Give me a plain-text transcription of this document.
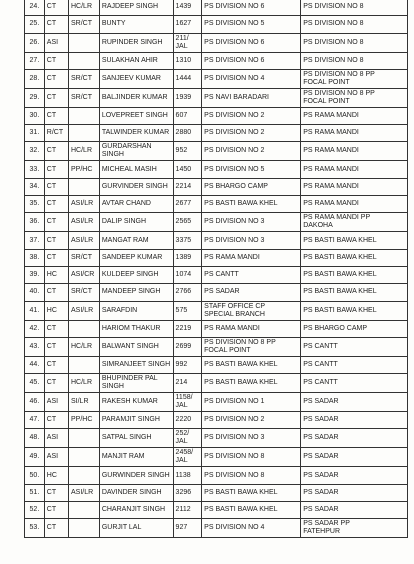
24.	CT	HC/LR	RAJDEEP SINGH	1439	PS DIVISION NO 6	PS DIVISION NO 8
25.	CT	SR/CT	BUNTY	1627	PS DIVISION NO 5	PS DIVISION NO 8
26.	ASI		RUPINDER SINGH	211/
JAL	PS DIVISION NO 6	PS DIVISION NO 8
27.	CT		SULAKHAN AHIR	1310	PS DIVISION NO 6	PS DIVISION NO 8
28.	CT	SR/CT	SANJEEV KUMAR	1444	PS DIVISION NO 4	PS DIVISION NO 8 PP
FOCAL POINT
29.	CT	SR/CT	BALJINDER KUMAR	1939	PS NAVI BARADARI	PS DIVISION NO 8 PP
FOCAL POINT
30.	CT		LOVEPREET SINGH	607	PS DIVISION NO 2	PS RAMA MANDI
31.	R/CT		TALWINDER KUMAR	2880	PS DIVISION NO 2	PS RAMA MANDI
32.	CT	HC/LR	GURDARSHAN SINGH	952	PS DIVISION NO 2	PS RAMA MANDI
33.	CT	PP/HC	MICHEAL MASIH	1450	PS DIVISION NO 5	PS RAMA MANDI
34.	CT		GURVINDER SINGH	2214	PS BHARGO CAMP	PS RAMA MANDI
35.	CT	ASI/LR	AVTAR CHAND	2677	PS BASTI BAWA KHEL	PS RAMA MANDI
36.	CT	ASI/LR	DALIP SINGH	2565	PS DIVISION NO 3	PS RAMA MANDI PP
DAKOHA
37.	CT	ASI/LR	MANGAT RAM	3375	PS DIVISION NO 3	PS BASTI BAWA KHEL
38.	CT	SR/CT	SANDEEP KUMAR	1389	PS RAMA MANDI	PS BASTI BAWA KHEL
39.	HC	ASI/CR	KULDEEP SINGH	1074	PS CANTT	PS BASTI BAWA KHEL
40.	CT	SR/CT	MANDEEP SINGH	2766	PS SADAR	PS BASTI BAWA KHEL
41.	HC	ASI/LR	SARAFDIN	575	STAFF OFFICE CP
SPECIAL BRANCH	PS BASTI BAWA KHEL
42.	CT		HARIOM THAKUR	2219	PS RAMA MANDI	PS BHARGO CAMP
43.	CT	HC/LR	BALWANT SINGH	2699	PS DIVISION NO 8 PP
FOCAL POINT	PS CANTT
44.	CT		SIMRANJEET SINGH	992	PS BASTI BAWA KHEL	PS CANTT
45.	CT	HC/LR	BHUPINDER PAL
SINGH	214	PS BASTI BAWA KHEL	PS CANTT
46.	ASI	SI/LR	RAKESH KUMAR	1158/
JAL	PS DIVISION NO 1	PS SADAR
47.	CT	PP/HC	PARAMJIT SINGH	2220	PS DIVISION NO 2	PS SADAR
48.	ASI		SATPAL SINGH	252/
JAL	PS DIVISION NO 3	PS SADAR
49.	ASI		MANJIT RAM	2458/
JAL	PS DIVISION NO 8	PS SADAR
50.	HC		GURWINDER SINGH	1138	PS DIVISION NO 8	PS SADAR
51.	CT	ASI/LR	DAVINDER SINGH	3296	PS BASTI BAWA KHEL	PS SADAR
52.	CT		CHARANJIT SINGH	2112	PS BASTI BAWA KHEL	PS SADAR
53.	CT		GURJIT LAL	927	PS DIVISION NO 4	PS SADAR PP
FATEHPUR
